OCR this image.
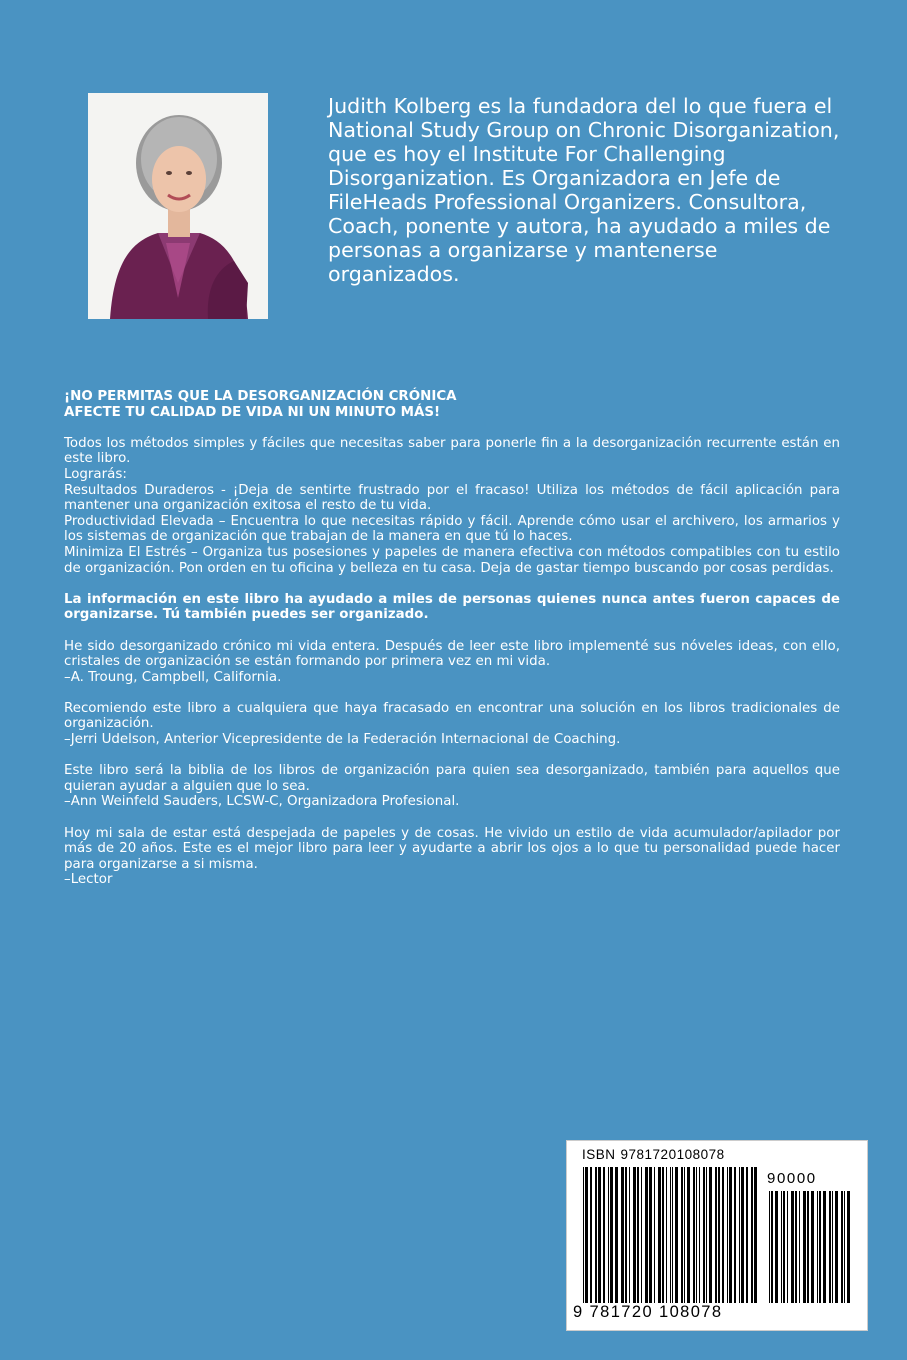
Judith Kolberg es la fundadora del lo que fuera el National Study Group on Chronic Disorganization, que es hoy el Institute For Challenging Disorganization. Es Organizadora en Jefe de FileHeads Professional Organizers. Consultora, Coach, ponente y autora, ha ayudado a miles de personas a organizarse y mantenerse organizados.

¡NO PERMITAS QUE LA DESORGANIZACIÓN CRÓNICA
AFECTE TU CALIDAD DE VIDA NI UN MINUTO MÁS!

Todos los métodos simples y fáciles que necesitas saber para ponerle fin a la desorganización recurrente están en este libro.
Lograrás:
Resultados Duraderos - ¡Deja de sentirte frustrado por el fracaso! Utiliza los métodos de fácil aplicación para mantener una organización exitosa el resto de tu vida.
Productividad Elevada – Encuentra lo que necesitas rápido y fácil. Aprende cómo usar el archivero, los armarios y los sistemas de organización que trabajan de la manera en que tú lo haces.
Minimiza El Estrés – Organiza tus posesiones y papeles de manera efectiva con métodos compatibles con tu estilo de organización. Pon orden en tu oficina y belleza en tu casa. Deja de gastar tiempo buscando por cosas perdidas.

La información en este libro ha ayudado a miles de personas quienes nunca antes fueron capaces de organizarse. Tú también puedes ser organizado.

He sido desorganizado crónico mi vida entera. Después de leer este libro implementé sus nóveles ideas, con ello, cristales de organización se están formando por primera vez en mi vida.
–A. Troung, Campbell, California.

Recomiendo este libro a cualquiera que haya fracasado en encontrar una solución en los libros tradicionales de organización.
–Jerri Udelson, Anterior Vicepresidente de la Federación Internacional de Coaching.

Este libro será la biblia de los libros de organización para quien sea desorganizado, también para aquellos que quieran ayudar a alguien que lo sea.
–Ann Weinfeld Sauders, LCSW-C, Organizadora Profesional.

Hoy mi sala de estar está despejada de papeles y de cosas. He vivido un estilo de vida acumulador/apilador por más de 20 años. Este es el mejor libro para leer y ayudarte a abrir los ojos a lo que tu personalidad puede hacer para organizarse a si misma.
–Lector

ISBN 9781720108078
90000
9 781720 108078
